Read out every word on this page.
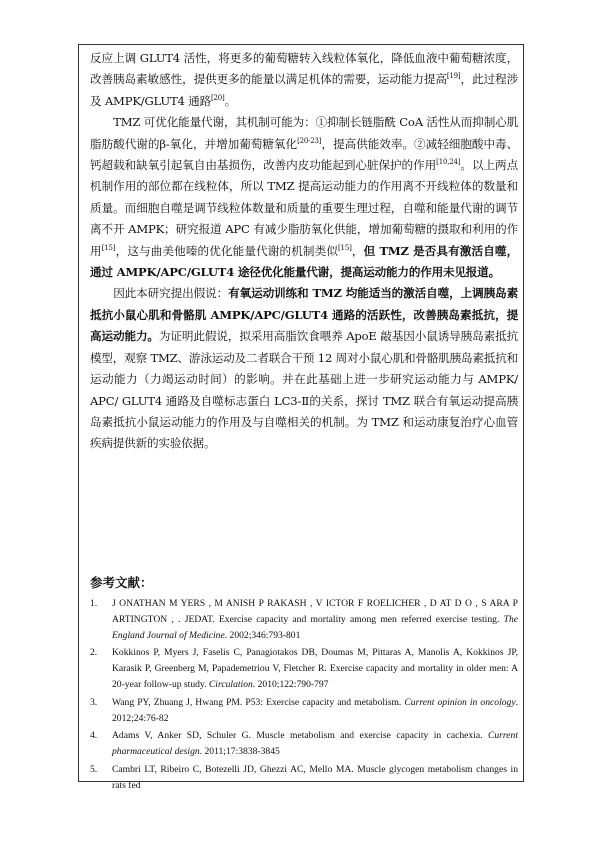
反应上调 GLUT4 活性，将更多的葡萄糖转入线粒体氧化，降低血液中葡萄糖浓度，改善胰岛素敏感性，提供更多的能量以满足机体的需要，运动能力提高[19]，此过程涉及 AMPK/GLUT4 通路[20]。

TMZ 可优化能量代谢，其机制可能为：①抑制长链脂酰 CoA 活性从而抑制心肌脂肪酸代谢的β-氧化，并增加葡萄糖氧化[20-23]，提高供能效率。②减轻细胞酸中毒、钙超载和缺氧引起氧自由基损伤，改善内皮功能起到心脏保护的作用[10,24]。以上两点机制作用的部位都在线粒体，所以 TMZ 提高运动能力的作用离不开线粒体的数量和质量。而细胞自噬是调节线粒体数量和质量的重要生理过程，自噬和能量代谢的调节离不开 AMPK；研究报道 APC 有减少脂肪氧化供能，增加葡萄糖的摄取和利用的作用[15]，这与曲美他嗪的优化能量代谢的机制类似[15]，但 TMZ 是否具有激活自噬，通过 AMPK/APC/GLUT4 途径优化能量代谢，提高运动能力的作用未见报道。

因此本研究提出假说：有氧运动训练和 TMZ 均能适当的激活自噬，上调胰岛素抵抗小鼠心肌和骨骼肌 AMPK/APC/GLUT4 通路的活跃性，改善胰岛素抵抗，提高运动能力。为证明此假说，拟采用高脂饮食喂养 ApoE 敲基因小鼠诱导胰岛素抵抗模型，观察 TMZ、游泳运动及二者联合干预 12 周对小鼠心肌和骨骼肌胰岛素抵抗和运动能力（力竭运动时间）的影响。并在此基础上进一步研究运动能力与 AMPK/ APC/ GLUT4 通路及自噬标志蛋白 LC3-Ⅱ的关系，探讨 TMZ 联合有氧运动提高胰岛素抵抗小鼠运动能力的作用及与自噬相关的机制。为 TMZ 和运动康复治疗心血管疾病提供新的实验依据。

参考文献：
1. J ONATHAN M YERS , M ANISH P RAKASH , V ICTOR F ROELICHER , D AT D O , S ARA P ARTINGTON , . JEDAT. Exercise capacity and mortality among men referred exercise testing. The England Journal of Medicine. 2002;346:793-801
2. Kokkinos P, Myers J, Faselis C, Panagiotakos DB, Doumas M, Pittaras A, Manolis A, Kokkinos JP, Karasik P, Greenberg M, Papademetriou V, Fletcher R. Exercise capacity and mortality in older men: A 20-year follow-up study. Circulation. 2010;122:790-797
3. Wang PY, Zhuang J, Hwang PM. P53: Exercise capacity and metabolism. Current opinion in oncology. 2012;24:76-82
4. Adams V, Anker SD, Schuler G. Muscle metabolism and exercise capacity in cachexia. Current pharmaceutical design. 2011;17:3838-3845
5. Cambri LT, Ribeiro C, Botezelli JD, Ghezzi AC, Mello MA. Muscle glycogen metabolism changes in rats fed
